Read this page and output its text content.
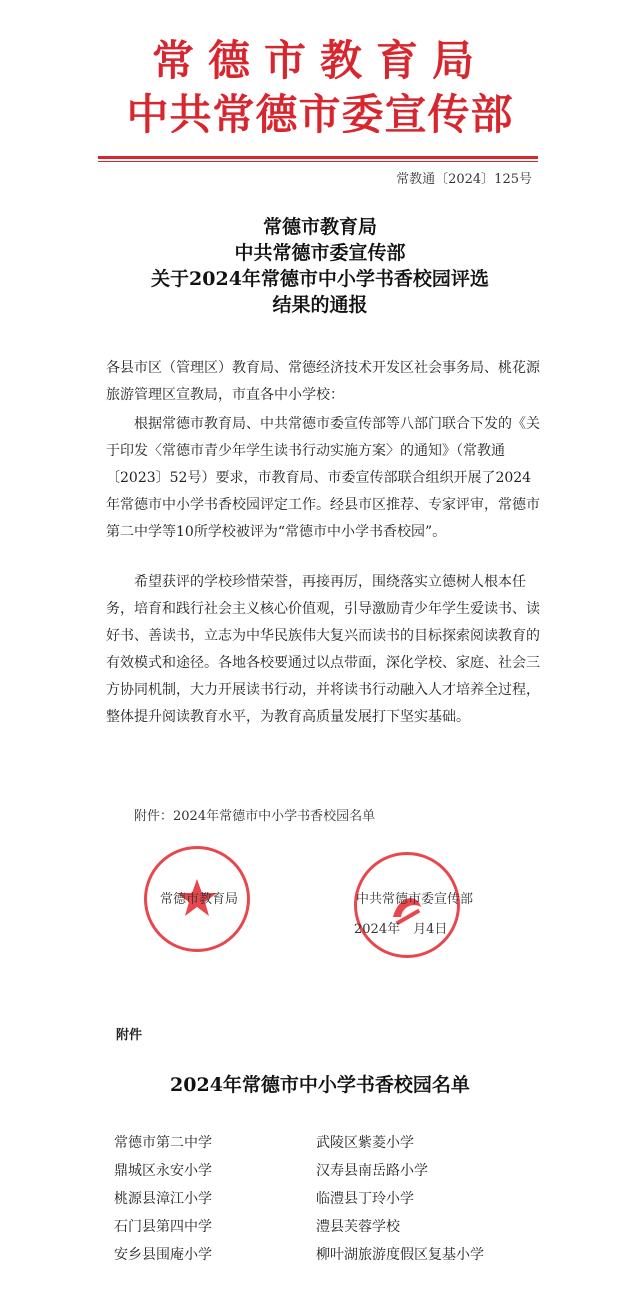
常德市教育局
中共常德市委宣传部
常教通〔2024〕125号
常德市教育局
中共常德市委宣传部
关于2024年常德市中小学书香校园评选
结果的通报
各县市区（管理区）教育局、常德经济技术开发区社会事务局、桃花源旅游管理区宣教局，市直各中小学校：
根据常德市教育局、中共常德市委宣传部等八部门联合下发的《关于印发〈常德市青少年学生读书行动实施方案〉的通知》（常教通〔2023〕52号）要求，市教育局、市委宣传部联合组织开展了2024年常德市中小学书香校园评定工作。经县市区推荐、专家评审，常德市第二中学等10所学校被评为“常德市中小学书香校园”。
希望获评的学校珍惜荣誉，再接再厉，围绕落实立德树人根本任务，培育和践行社会主义核心价值观，引导激励青少年学生爱读书、读好书、善读书，立志为中华民族伟大复兴而读书的目标探索阅读教育的有效模式和途径。各地各校要通过以点带面，深化学校、家庭、社会三方协同机制，大力开展读书行动，并将读书行动融入人才培养全过程，整体提升阅读教育水平，为教育高质量发展打下坚实基础。
附件：2024年常德市中小学书香校园名单
常德市教育局	中共常德市委宣传部
2024年　月4日
附件
2024年常德市中小学书香校园名单
常德市第二中学
鼎城区永安小学
桃源县漳江小学
石门县第四中学
安乡县围庵小学
武陵区紫菱小学
汉寿县南岳路小学
临澧县丁玲小学
澧县芙蓉学校
柳叶湖旅游度假区复基小学
